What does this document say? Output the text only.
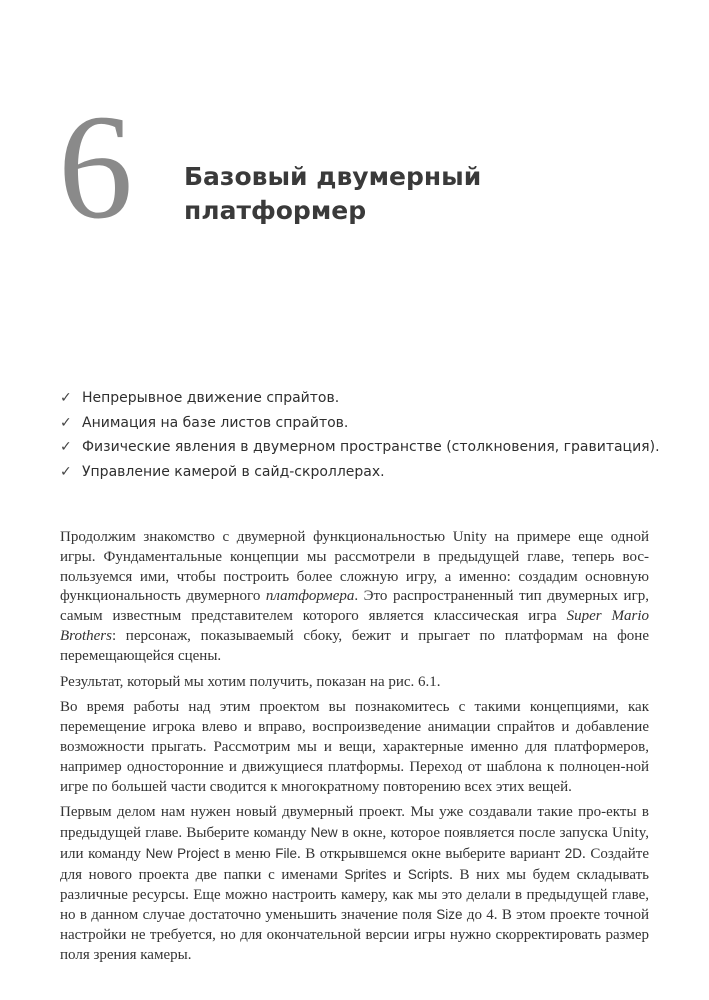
6 Базовый двумерный
платформер
✓ Непрерывное движение спрайтов.
✓ Анимация на базе листов спрайтов.
✓ Физические явления в двумерном пространстве (столкновения, гравитация).
✓ Управление камерой в сайд-скроллерах.

Продолжим знакомство с двумерной функциональностью Unity на примере еще одной игры. Фундаментальные концепции мы рассмотрели в предыдущей главе, теперь вос-пользуемся ими, чтобы построить более сложную игру, а именно: создадим основную функциональность двумерного платформера. Это распространенный тип двумерных игр, самым известным представителем которого является классическая игра Super Mario Brothers: персонаж, показываемый сбоку, бежит и прыгает по платформам на фоне перемещающейся сцены.

Результат, который мы хотим получить, показан на рис. 6.1.

Во время работы над этим проектом вы познакомитесь с такими концепциями, как перемещение игрока влево и вправо, воспроизведение анимации спрайтов и добавление возможности прыгать. Рассмотрим мы и вещи, характерные именно для платформеров, например односторонние и движущиеся платформы. Переход от шаблона к полноцен-ной игре по большей части сводится к многократному повторению всех этих вещей.

Первым делом нам нужен новый двумерный проект. Мы уже создавали такие про-екты в предыдущей главе. Выберите команду New в окне, которое появляется после запуска Unity, или команду New Project в меню File. В открывшемся окне выберите вариант 2D. Создайте для нового проекта две папки с именами Sprites и Scripts. В них мы будем складывать различные ресурсы. Еще можно настроить камеру, как мы это делали в предыдущей главе, но в данном случае достаточно уменьшить значение поля Size до 4. В этом проекте точной настройки не требуется, но для окончательной версии игры нужно скорректировать размер поля зрения камеры.
